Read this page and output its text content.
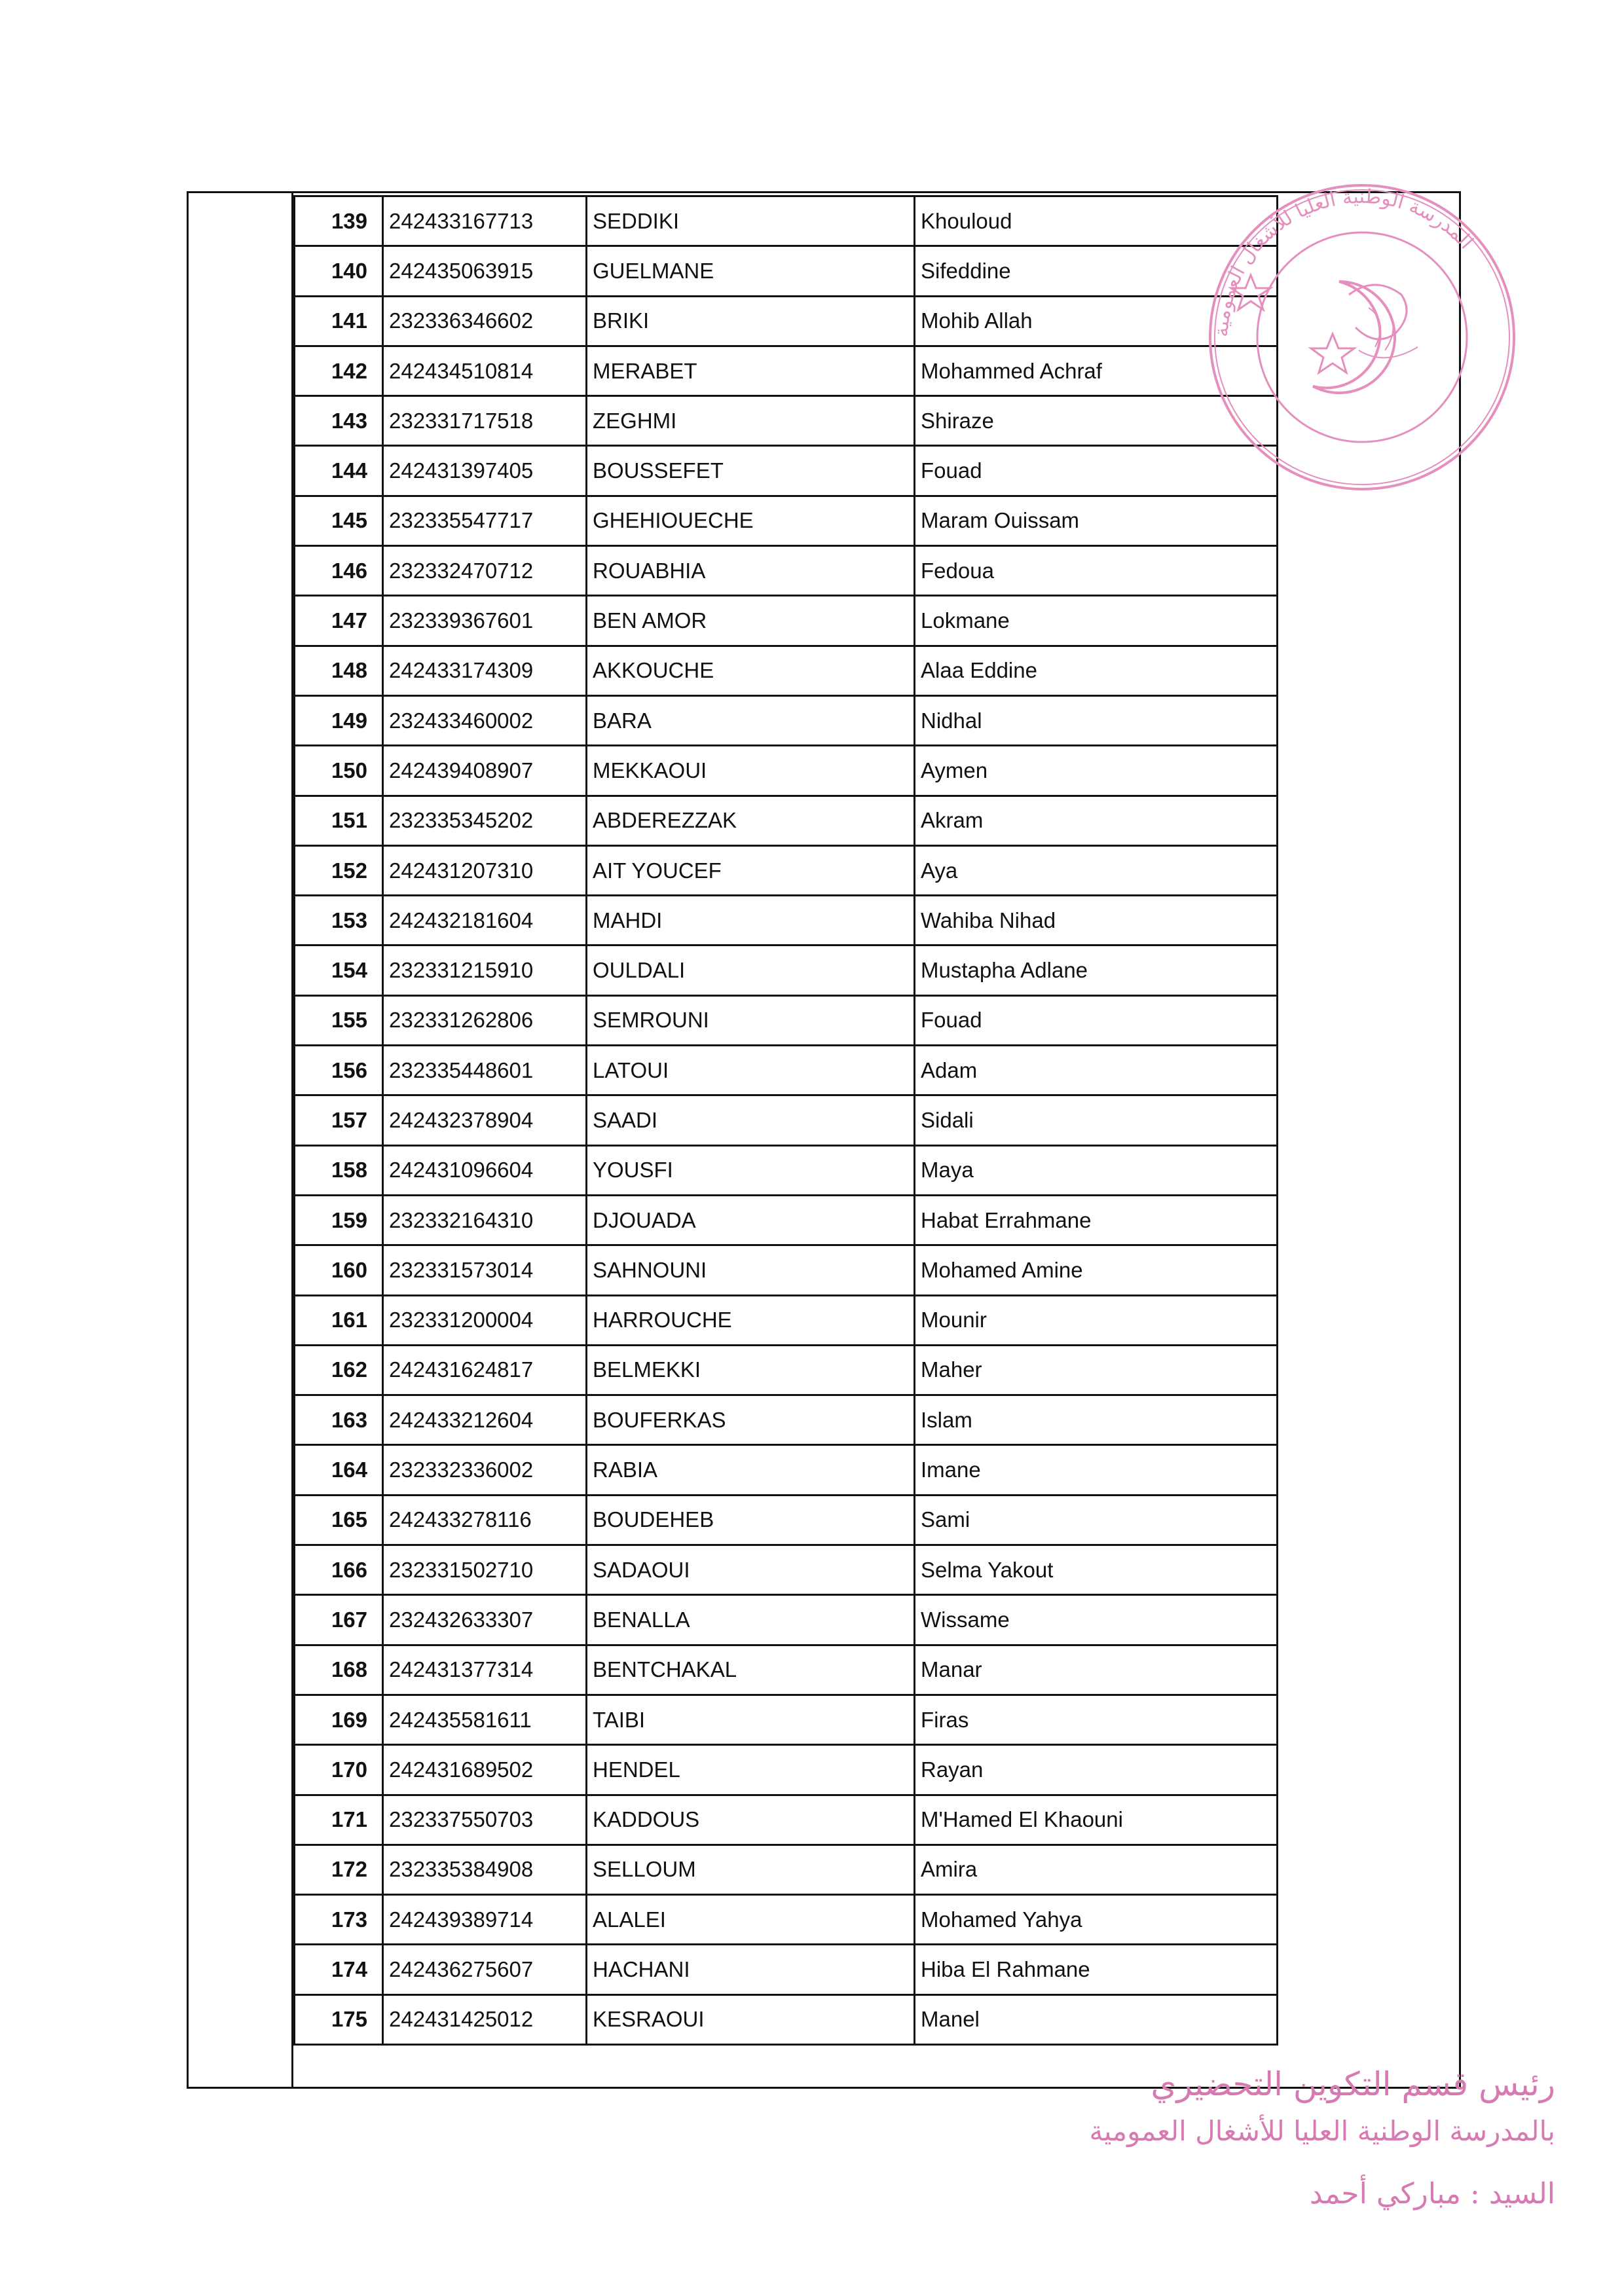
139	242433167713	SEDDIKI	Khouloud
140	242435063915	GUELMANE	Sifeddine
141	232336346602	BRIKI	Mohib Allah
142	242434510814	MERABET	Mohammed Achraf
143	232331717518	ZEGHMI	Shiraze
144	242431397405	BOUSSEFET	Fouad
145	232335547717	GHEHIOUECHE	Maram Ouissam
146	232332470712	ROUABHIA	Fedoua
147	232339367601	BEN AMOR	Lokmane
148	242433174309	AKKOUCHE	Alaa Eddine
149	232433460002	BARA	Nidhal
150	242439408907	MEKKAOUI	Aymen
151	232335345202	ABDEREZZAK	Akram
152	242431207310	AIT YOUCEF	Aya
153	242432181604	MAHDI	Wahiba Nihad
154	232331215910	OULDALI	Mustapha Adlane
155	232331262806	SEMROUNI	Fouad
156	232335448601	LATOUI	Adam
157	242432378904	SAADI	Sidali
158	242431096604	YOUSFI	Maya
159	232332164310	DJOUADA	Habat Errahmane
160	232331573014	SAHNOUNI	Mohamed Amine
161	232331200004	HARROUCHE	Mounir
162	242431624817	BELMEKKI	Maher
163	242433212604	BOUFERKAS	Islam
164	232332336002	RABIA	Imane
165	242433278116	BOUDEHEB	Sami
166	232331502710	SADAOUI	Selma Yakout
167	232432633307	BENALLA	Wissame
168	242431377314	BENTCHAKAL	Manar
169	242435581611	TAIBI	Firas
170	242431689502	HENDEL	Rayan
171	232337550703	KADDOUS	M'Hamed El Khaouni
172	232335384908	SELLOUM	Amira
173	242439389714	ALALEI	Mohamed Yahya
174	242436275607	HACHANI	Hiba El Rahmane
175	242431425012	KESRAOUI	Manel
المدرسة الوطنية العليا للأشغال العمومية
رئيس قسم التكوين التحضيري
بالمدرسة الوطنية العليا للأشغال العمومية
السيد : مباركي أحمد
